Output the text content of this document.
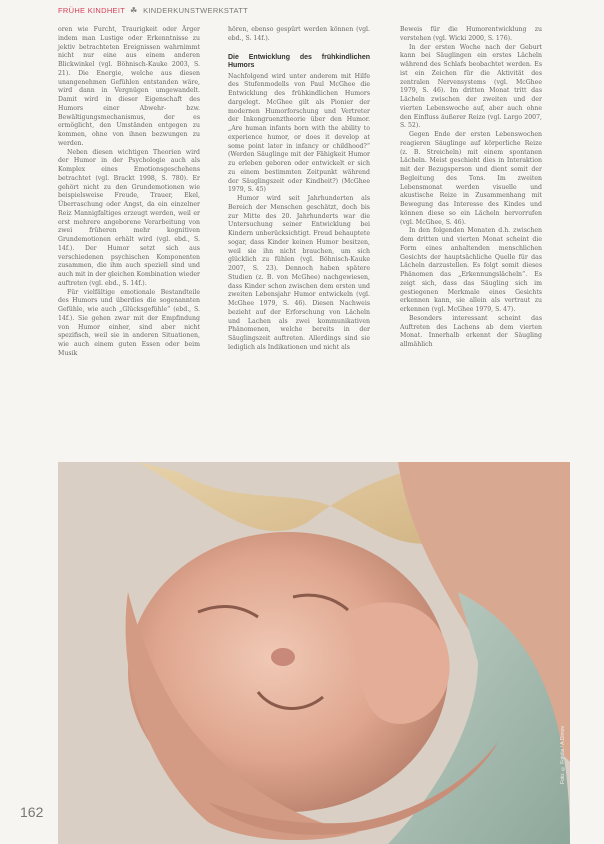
FRÜHE KINDHEIT ☘ KINDERKUNSTWERKSTATT

oren wie Furcht, Traurigkeit oder Ärger indem man Lustige oder Erkenntnisse zu jektiv betrachteten Ereignissen wahrnimmt nicht nur eine aus einem anderen Blickwinkel (vgl. Böhnisch-Kauke 2003, S. 21). Die Energie, welche aus diesen unangenehmen Gefühlen entstanden wäre, wird dann in Vergnügen umgewandelt. Damit wird in dieser Eigenschaft des Humors einer Abwehr- bzw. Bewältigungsmechanismus, der es ermöglicht, den Umständen entgegen zu kommen, ohne von ihnen bezwungen zu werden.

Neben diesen wichtigen Theorien wird der Humor in der Psychologie auch als Komplex eines Emotionsgeschehens betrachtet (vgl. Brackt 1998, S. 780). Er gehört nicht zu den Grundemotionen wie beispielsweise Freude, Trauer, Ekel, Überraschung oder Angst, da ein einzelner Reiz Mannigfaltiges erzeugt werden, weil er erst mehrere angeborene Verarbeitung von zwei früheren mehr kognitiven Grundemotionen erhält wird (vgl. ebd., S. 14f.). Der Humor setzt sich aus verschiedenen psychischen Komponenten zusammen, die ihm auch speziell sind und auch mit in der gleichen Kombination wieder auftreten (vgl. ebd., S. 14f.).

Für vielfältige emotionale Bestandteile des Humors und überdies die sogenannten Gefühle, wie auch „Glücksgefühle“ (ebd., S. 14f.). Sie gehen zwar mit der Empfindung von Humor einher, sind aber nicht spezifisch, weil sie in anderen Situationen, wie auch einem guten Essen oder beim Musik

hören, ebenso gespürt werden können (vgl. ebd., S. 14f.).

Die Entwicklung des frühkindlichen Humors

Nachfolgend wird unter anderem mit Hilfe des Stufenmodells von Paul McGhee die Entwicklung des frühkindlichen Humors dargelegt. McGhee gilt als Pionier der modernen Humorforschung und Vertreter der Inkongruenztheorie über den Humor. „Are human infants born with the ability to experience humor, or does it develop at some point later in infancy or childhood?“ (Werden Säuglinge mit der Fähigkeit Humor zu erleben geboren oder entwickelt er sich zu einem bestimmten Zeitpunkt während der Säuglingszeit oder Kindheit?) (McGhee 1979, S. 45)

Humor wird seit Jahrhunderten als Bereich der Menschen geschätzt, doch bis zur Mitte des 20. Jahrhunderts war die Untersuchung seiner Entwicklung bei Kindern unberücksichtigt. Freud behauptete sogar, dass Kinder keinen Humor besitzen, weil sie ihn nicht brauchen, um sich glücklich zu fühlen (vgl. Böhnisch-Kauke 2007, S. 23). Dennoch haben spätere Studien (z. B. von McGhee) nachgewiesen, dass Kinder schon zwischen dem ersten und zweiten Lebensjahr Humor entwickeln (vgl. McGhee 1979, S. 46). Diesen Nachweis bezieht auf der Erforschung von Lächeln und Lachen als zwei kommunikativen Phänomenen, welche bereits in der Säuglingszeit auftreten. Allerdings sind sie lediglich als Indikationen und nicht als

Beweis für die Humorentwicklung zu verstehen (vgl. Wicki 2000, S. 176).

In der ersten Woche nach der Geburt kann bei Säuglingen ein erstes Lächeln während des Schlafs beobachtet werden. Es ist ein Zeichen für die Aktivität des zentralen Nervensystems (vgl. McGhee 1979, S. 46). Im dritten Monat tritt das Lächeln zwischen der zweiten und der vierten Lebenswoche auf, aber auch ohne den Einfluss äußerer Reize (vgl. Largo 2007, S. 52).

Gegen Ende der ersten Lebenswochen reagieren Säuglinge auf körperliche Reize (z. B. Streicheln) mit einem spontanen Lächeln. Meist geschieht dies in Interaktion mit der Bezugsperson und dient somit der Begleitung des Tons. Im zweiten Lebensmonat werden visuelle und akustische Reize in Zusammenhang mit Bewegung das Interesse des Kindes und können diese so ein Lächeln hervorrufen (vgl. McGhee, S. 46).

In den folgenden Monaten d.h. zwischen dem dritten und vierten Monat scheint die Form eines anhaltenden menschlichen Gesichts der hauptsächliche Quelle für das Lächeln darzustellen. Es folgt somit dieses Phänomen das „Erkennungslächeln“. Es zeigt sich, dass das Säugling sich im gestiegenen Merkmale eines Gesichts erkennen kann, sie allein als vertraut zu erkennen (vgl. McGhee 1979, S. 47).

Besonders interessant scheint das Auftreten des Lachens ab dem vierten Monat. Innerhalb erkennt der Säugling allmählich

Foto: © Fotolia / A.Dimov
162
